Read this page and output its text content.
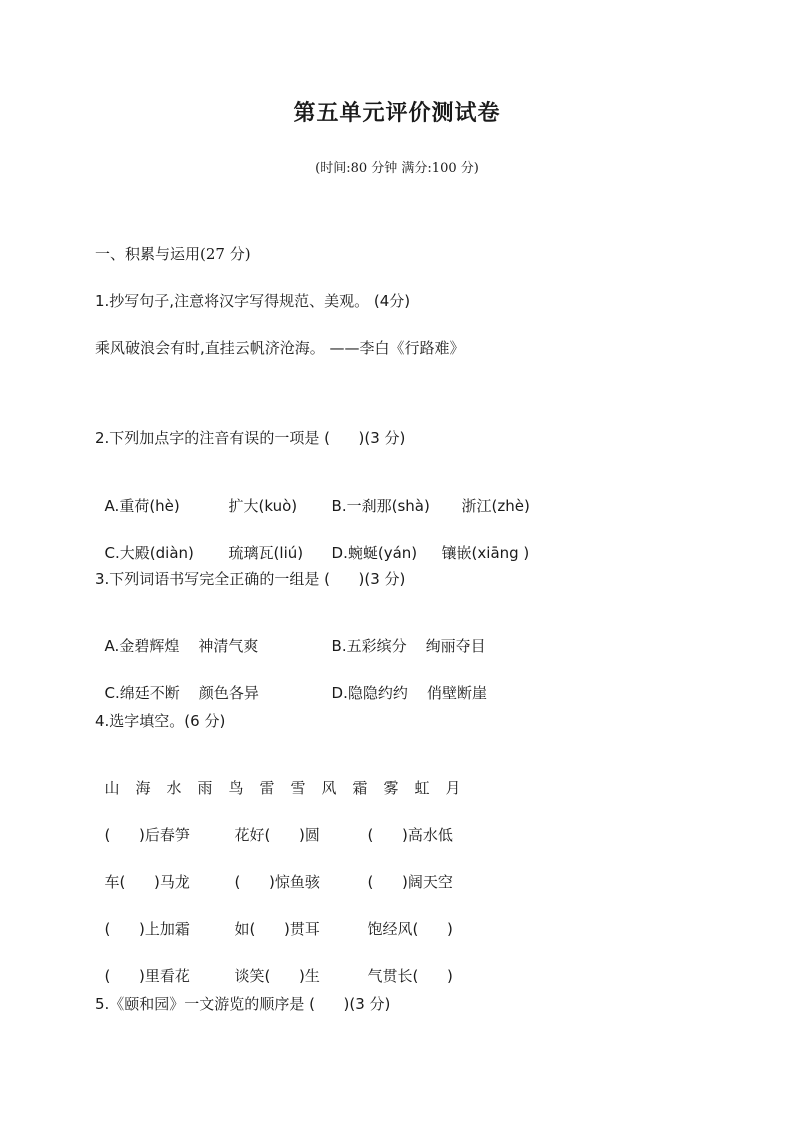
第五单元评价测试卷
(时间:80 分钟 满分:100 分)
一、积累与运用(27 分)
1.抄写句子,注意将汉字写得规范、美观。 (4分)
乘风破浪会有时,直挂云帆济沧海。 ——李白《行路难》
2.下列加点字的注音有误的一项是 (      )(3 分)

A.重荷(hè)	扩大(kuò) B.一刹那(shà) 浙江(zhè)

C.大殿(diàn) 琉璃瓦(liú) D.蜿蜒(yán) 镶嵌(xiāng )

3.下列词语书写完全正确的一组是 (      )(3 分)

A.金碧辉煌    神清气爽	B.五彩缤分    绚丽夺目

C.绵廷不断    颜色各异	D.隐隐约约    俏壁断崖

4.选字填空。(6 分)

山 海 水 雨 鸟 雷 雪 风 霜 雾 虹 月

(      )后春笋	花好(      )圆	(      )高水低

车(      )马龙	(      )惊鱼骇	(      )阔天空

(      )上加霜	如(      )贯耳	饱经风(      )

(      )里看花	谈笑(      )生	气贯长(      )

5.《颐和园》一文游览的顺序是 (      )(3 分)
